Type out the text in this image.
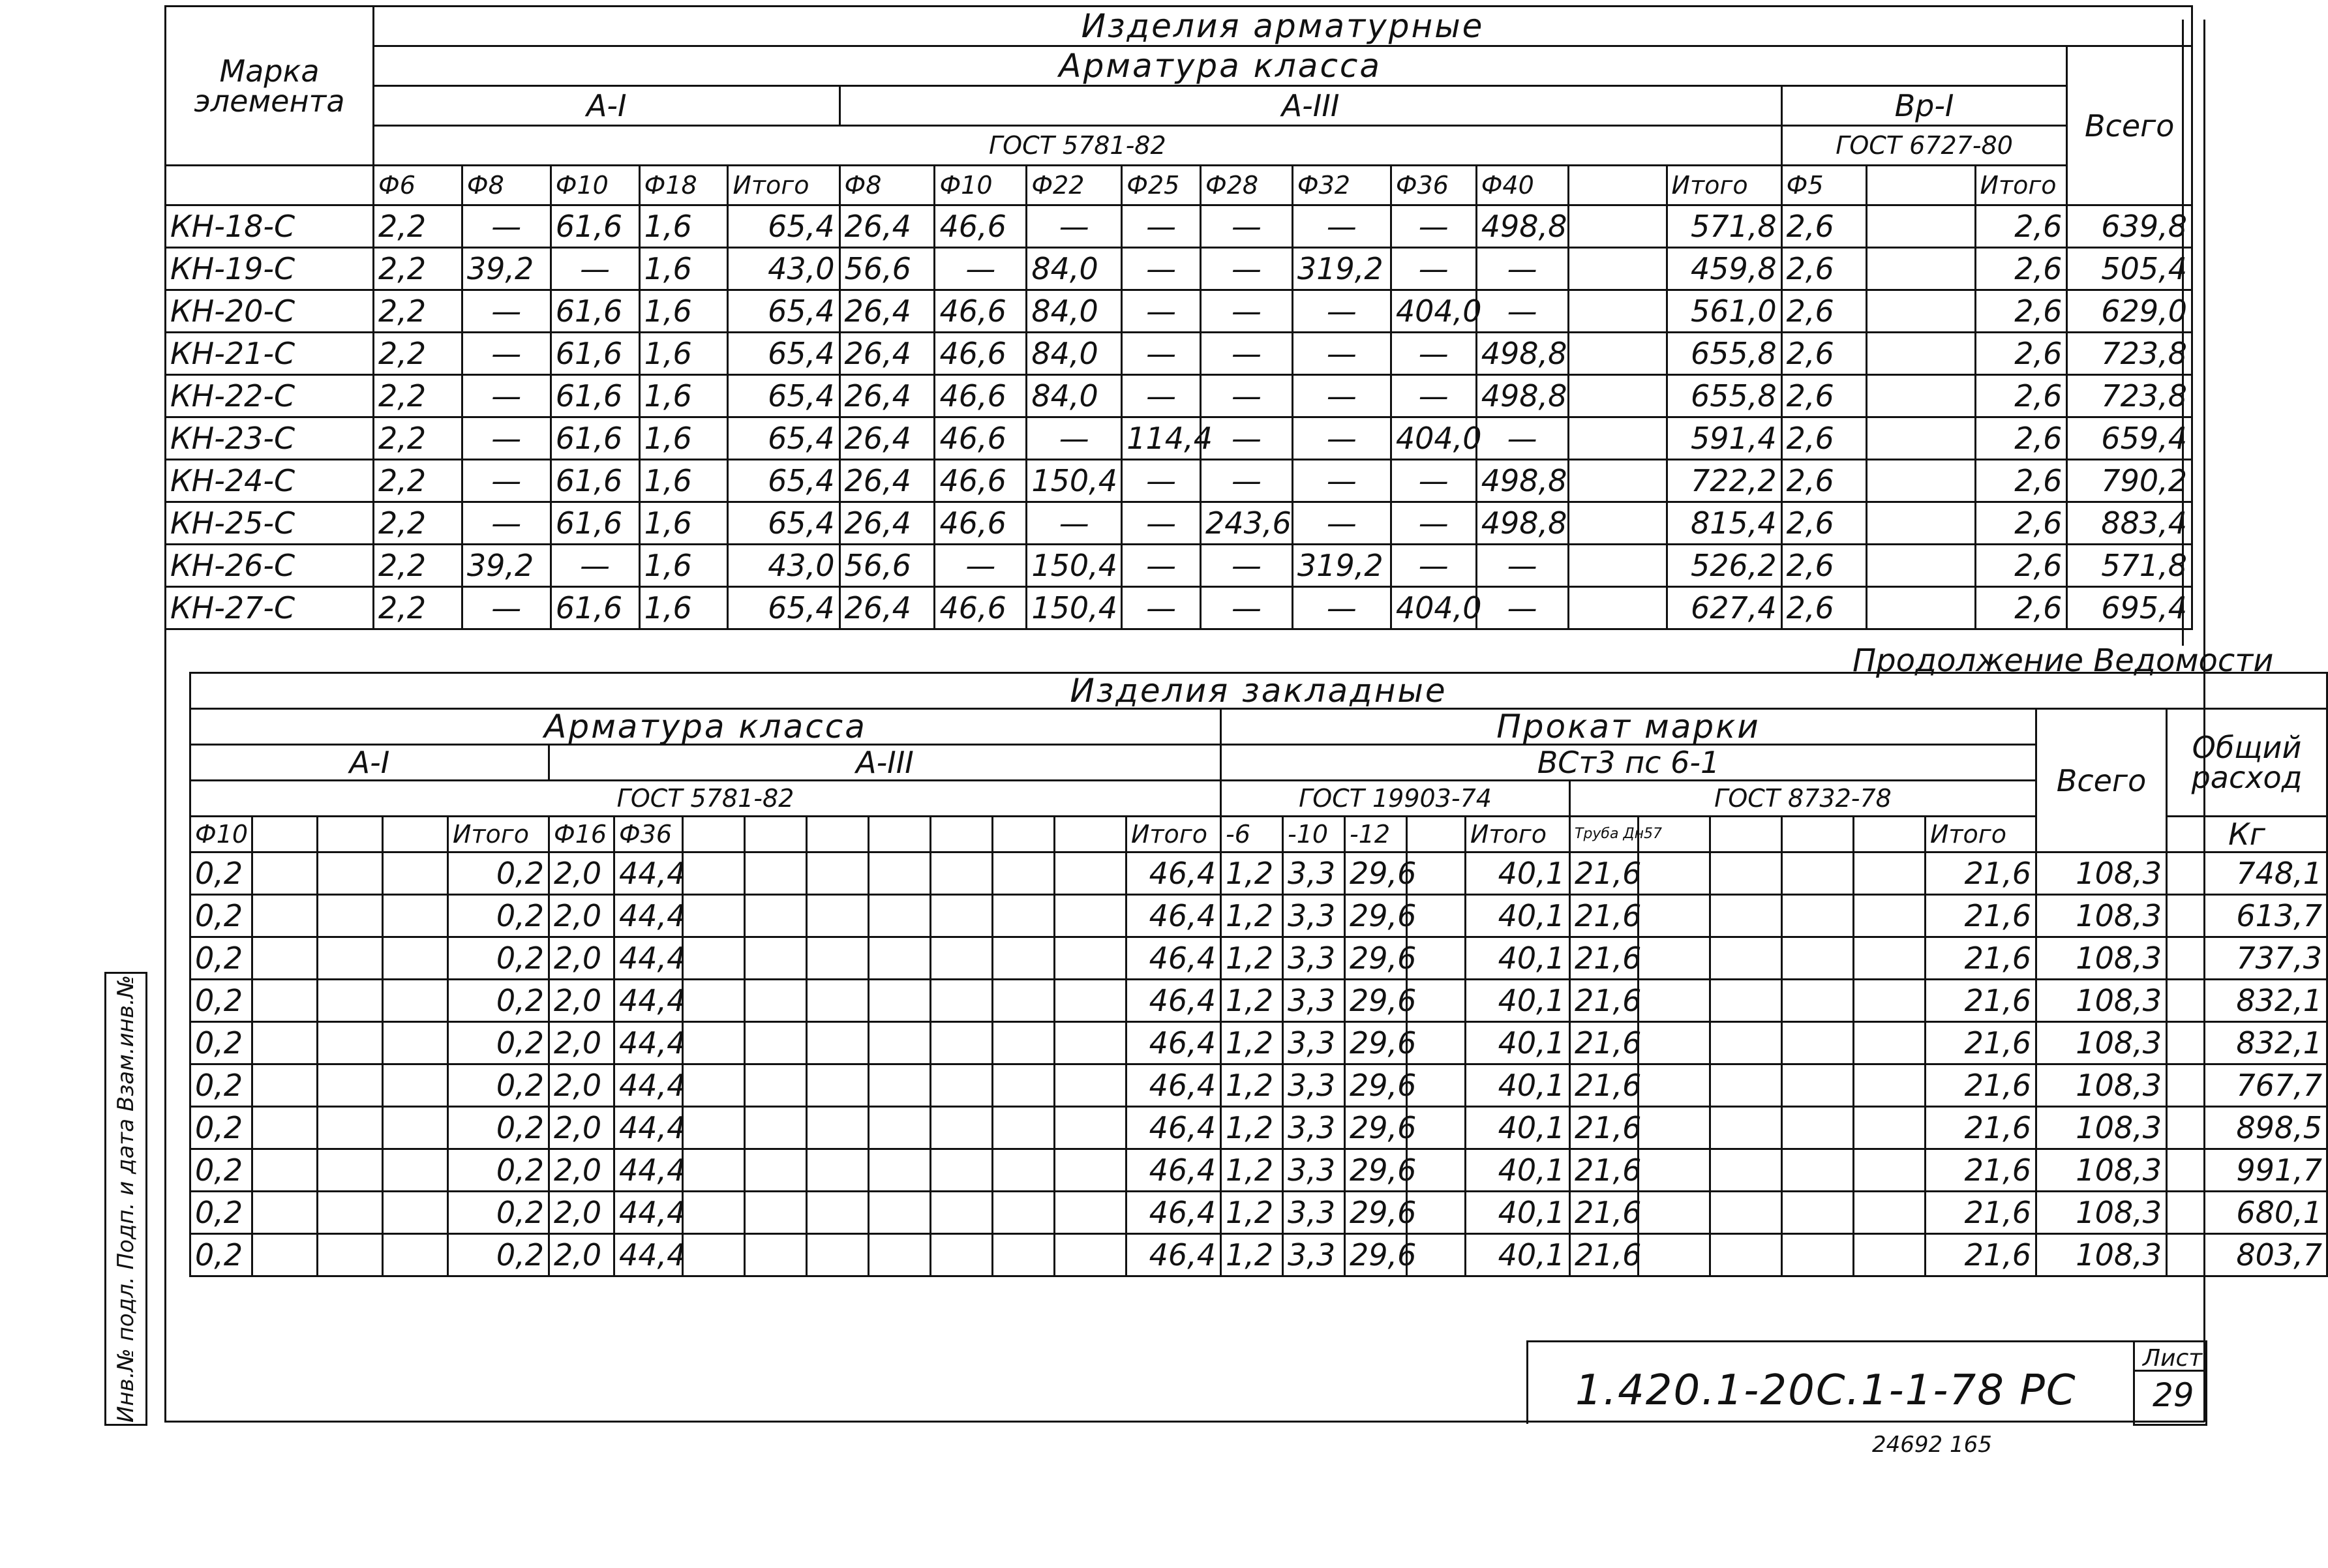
Марка элемента	Изделия арматурные																		
	Арматура класса																		Всего
	А-I					А-III										Вр-I			
	ГОСТ 5781-82															ГОСТ 6727-80			
	Ф6	Ф8	Ф10	Ф18	Итого	Ф8	Ф10	Ф22	Ф25	Ф28	Ф32	Ф36	Ф40		Итого	Ф5		Итого	
КН-18-С	2,2	—	61,6	1,6	65,4	26,4	46,6	—	—	—	—	—	498,8		571,8	2,6		2,6	639,8
КН-19-С	2,2	39,2	—	1,6	43,0	56,6	—	84,0	—	—	319,2	—	—		459,8	2,6		2,6	505,4
КН-20-С	2,2	—	61,6	1,6	65,4	26,4	46,6	84,0	—	—	—	404,0	—		561,0	2,6		2,6	629,0
КН-21-С	2,2	—	61,6	1,6	65,4	26,4	46,6	84,0	—	—	—	—	498,8		655,8	2,6		2,6	723,8
КН-22-С	2,2	—	61,6	1,6	65,4	26,4	46,6	84,0	—	—	—	—	498,8		655,8	2,6		2,6	723,8
КН-23-С	2,2	—	61,6	1,6	65,4	26,4	46,6	—	114,4	—	—	404,0	—		591,4	2,6		2,6	659,4
КН-24-С	2,2	—	61,6	1,6	65,4	26,4	46,6	150,4	—	—	—	—	498,8		722,2	2,6		2,6	790,2
КН-25-С	2,2	—	61,6	1,6	65,4	26,4	46,6	—	—	243,6	—	—	498,8		815,4	2,6		2,6	883,4
КН-26-С	2,2	39,2	—	1,6	43,0	56,6	—	150,4	—	—	319,2	—	—		526,2	2,6		2,6	571,8
КН-27-С	2,2	—	61,6	1,6	65,4	26,4	46,6	150,4	—	—	—	404,0	—		627,4	2,6		2,6	695,4
Продолжение Ведомости
Изделия закладные																											
Арматура класса															Прокат марки											Всего	Общий расход
А-I					А-III										ВСт3 пс 6-1												
ГОСТ 5781-82															ГОСТ 19903-74					ГОСТ 8732-78							
Ф10				Итого	Ф16	Ф36								Итого	-6	-10	-12		Итого	Труба Дн57					Итого		Кг
0,2				0,2	2,0	44,4								46,4	1,2	3,3	29,6		40,1	21,6					21,6	108,3	748,1
0,2				0,2	2,0	44,4								46,4	1,2	3,3	29,6		40,1	21,6					21,6	108,3	613,7
0,2				0,2	2,0	44,4								46,4	1,2	3,3	29,6		40,1	21,6					21,6	108,3	737,3
0,2				0,2	2,0	44,4								46,4	1,2	3,3	29,6		40,1	21,6					21,6	108,3	832,1
0,2				0,2	2,0	44,4								46,4	1,2	3,3	29,6		40,1	21,6					21,6	108,3	832,1
0,2				0,2	2,0	44,4								46,4	1,2	3,3	29,6		40,1	21,6					21,6	108,3	767,7
0,2				0,2	2,0	44,4								46,4	1,2	3,3	29,6		40,1	21,6					21,6	108,3	898,5
0,2				0,2	2,0	44,4								46,4	1,2	3,3	29,6		40,1	21,6					21,6	108,3	991,7
0,2				0,2	2,0	44,4								46,4	1,2	3,3	29,6		40,1	21,6					21,6	108,3	680,1
0,2				0,2	2,0	44,4								46,4	1,2	3,3	29,6		40,1	21,6					21,6	108,3	803,7
Инв.№ подл. Подп. и дата Взам.инв.№	1.420.1-20С.1-1-78 РС
Лист
29
24692 165
